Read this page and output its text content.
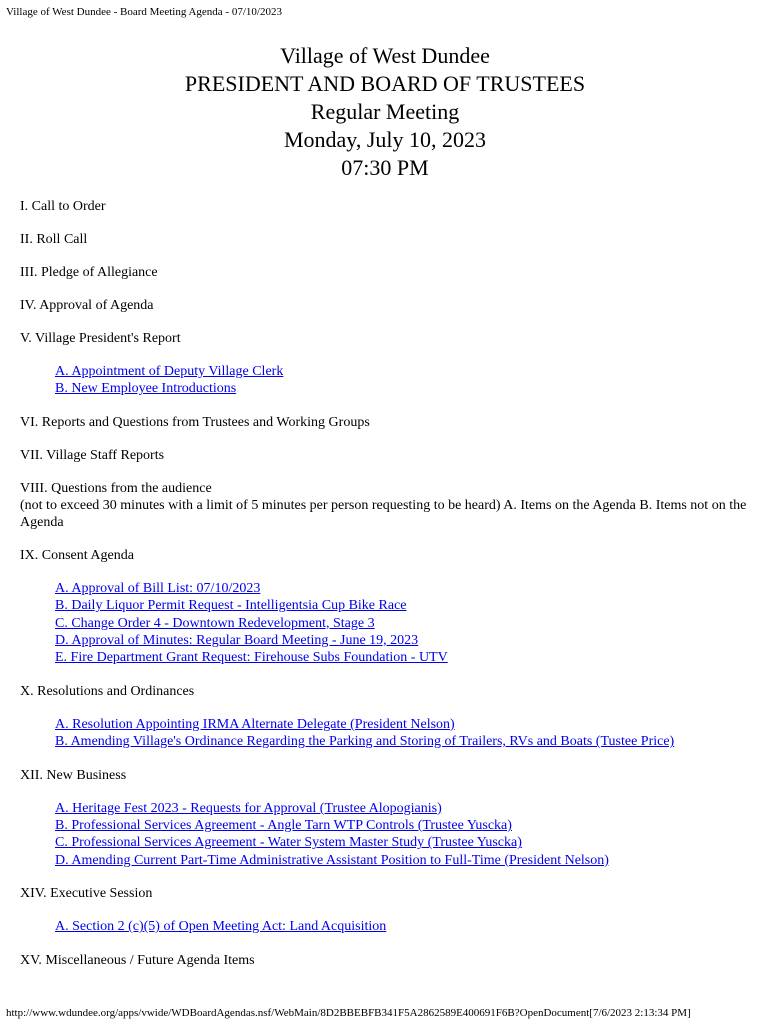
Village of West Dundee - Board Meeting Agenda - 07/10/2023
Village of West Dundee
PRESIDENT AND BOARD OF TRUSTEES
Regular Meeting
Monday, July 10, 2023
07:30 PM
I. Call to Order
II. Roll Call
III. Pledge of Allegiance
IV. Approval of Agenda
V. Village President's Report
A. Appointment of Deputy Village Clerk
B. New Employee Introductions
VI. Reports and Questions from Trustees and Working Groups
VII. Village Staff Reports
VIII. Questions from the audience
(not to exceed 30 minutes with a limit of 5 minutes per person requesting to be heard) A. Items on the Agenda B. Items not on the Agenda
IX. Consent Agenda
A. Approval of Bill List: 07/10/2023
B. Daily Liquor Permit Request - Intelligentsia Cup Bike Race
C. Change Order 4 - Downtown Redevelopment, Stage 3
D. Approval of Minutes: Regular Board Meeting - June 19, 2023
E. Fire Department Grant Request: Firehouse Subs Foundation - UTV
X. Resolutions and Ordinances
A. Resolution Appointing IRMA Alternate Delegate (President Nelson)
B. Amending Village's Ordinance Regarding the Parking and Storing of Trailers, RVs and Boats (Tustee Price)
XII. New Business
A. Heritage Fest 2023 - Requests for Approval (Trustee Alopogianis)
B. Professional Services Agreement - Angle Tarn WTP Controls (Trustee Yuscka)
C. Professional Services Agreement - Water System Master Study (Trustee Yuscka)
D. Amending Current Part-Time Administrative Assistant Position to Full-Time (President Nelson)
XIV. Executive Session
A. Section 2 (c)(5) of Open Meeting Act: Land Acquisition
XV. Miscellaneous / Future Agenda Items
http://www.wdundee.org/apps/vwide/WDBoardAgendas.nsf/WebMain/8D2BBEBFB341F5A2862589E400691F6B?OpenDocument[7/6/2023 2:13:34 PM]
